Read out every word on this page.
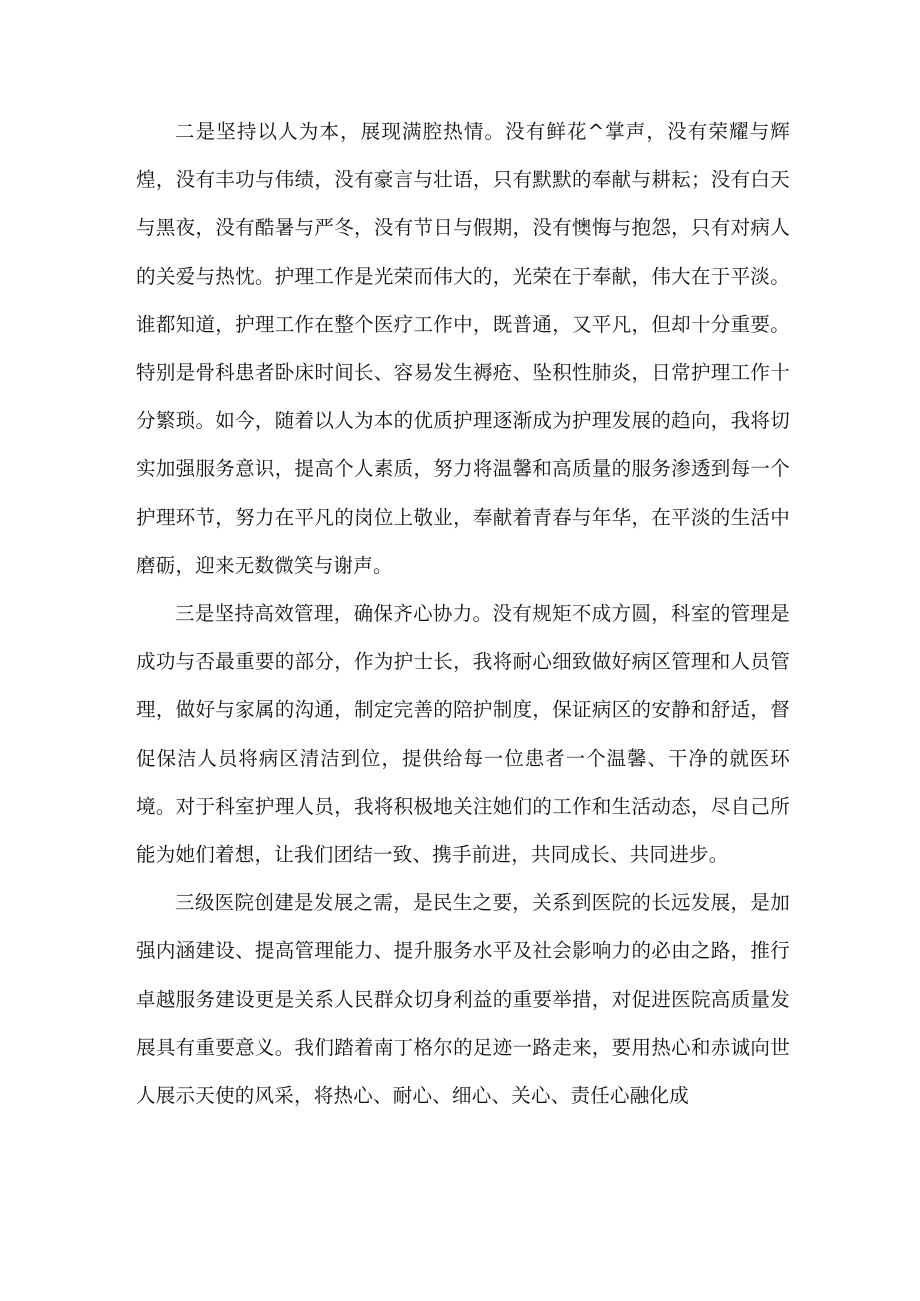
二是坚持以人为本，展现满腔热情。没有鲜花^掌声，没有荣耀与辉煌，没有丰功与伟绩，没有豪言与壮语，只有默默的奉献与耕耘；没有白天与黑夜，没有酷暑与严冬，没有节日与假期，没有懊悔与抱怨，只有对病人的关爱与热忱。护理工作是光荣而伟大的，光荣在于奉献，伟大在于平淡。谁都知道，护理工作在整个医疗工作中，既普通，又平凡，但却十分重要。特别是骨科患者卧床时间长、容易发生褥疮、坠积性肺炎，日常护理工作十分繁琐。如今，随着以人为本的优质护理逐渐成为护理发展的趋向，我将切实加强服务意识，提高个人素质，努力将温馨和高质量的服务渗透到每一个护理环节，努力在平凡的岗位上敬业，奉献着青春与年华，在平淡的生活中磨砺，迎来无数微笑与谢声。

三是坚持高效管理，确保齐心协力。没有规矩不成方圆，科室的管理是成功与否最重要的部分，作为护士长，我将耐心细致做好病区管理和人员管理，做好与家属的沟通，制定完善的陪护制度，保证病区的安静和舒适，督促保洁人员将病区清洁到位，提供给每一位患者一个温馨、干净的就医环境。对于科室护理人员，我将积极地关注她们的工作和生活动态，尽自己所能为她们着想，让我们团结一致、携手前进，共同成长、共同进步。

三级医院创建是发展之需，是民生之要，关系到医院的长远发展，是加强内涵建设、提高管理能力、提升服务水平及社会影响力的必由之路，推行卓越服务建设更是关系人民群众切身利益的重要举措，对促进医院高质量发展具有重要意义。我们踏着南丁格尔的足迹一路走来，要用热心和赤诚向世人展示天使的风采，将热心、耐心、细心、关心、责任心融化成
